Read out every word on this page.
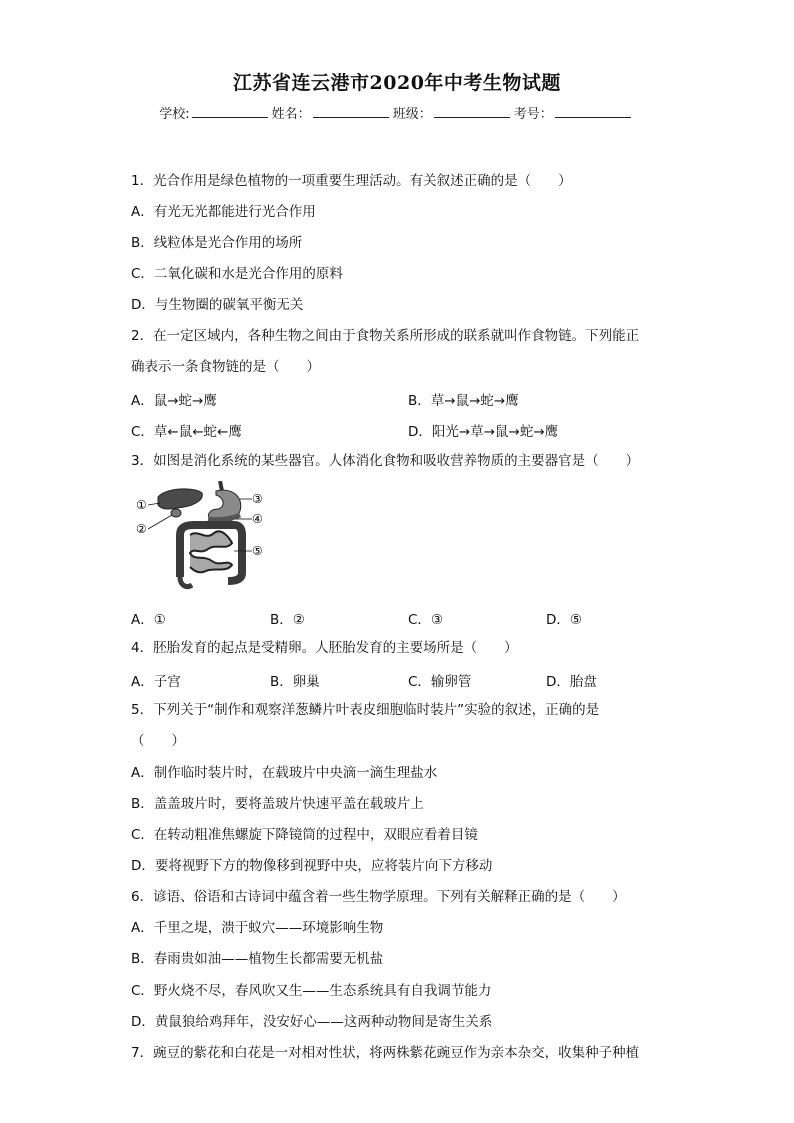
江苏省连云港市2020年中考生物试题
学校:	姓名：	班级：	考号：
1．光合作用是绿色植物的一项重要生理活动。有关叙述正确的是（　　）
A．有光无光都能进行光合作用
B．线粒体是光合作用的场所
C．二氧化碳和水是光合作用的原料
D．与生物圈的碳氧平衡无关
2．在一定区域内，各种生物之间由于食物关系所形成的联系就叫作食物链。下列能正
确表示一条食物链的是（　　）
A．鼠→蛇→鹰	B．草→鼠→蛇→鹰
C．草←鼠←蛇←鹰	D．阳光→草→鼠→蛇→鹰
3．如图是消化系统的某些器官。人体消化食物和吸收营养物质的主要器官是（　　）
①
②
③
④
⑤
A．①	B．②	C．③	D．⑤
4．胚胎发育的起点是受精卵。人胚胎发育的主要场所是（　　）
A．子宫	B．卵巢	C．输卵管	D．胎盘
5．下列关于“制作和观察洋葱鳞片叶表皮细胞临时装片”实验的叙述，正确的是
（　　）
A．制作临时装片时，在载玻片中央滴一滴生理盐水
B．盖盖玻片时，要将盖玻片快速平盖在载玻片上
C．在转动粗准焦螺旋下降镜筒的过程中，双眼应看着目镜
D．要将视野下方的物像移到视野中央，应将装片向下方移动
6．谚语、俗语和古诗词中蕴含着一些生物学原理。下列有关解释正确的是（　　）
A．千里之堤，溃于蚁穴——环境影响生物
B．春雨贵如油——植物生长都需要无机盐
C．野火烧不尽，春风吹又生——生态系统具有自我调节能力
D．黄鼠狼给鸡拜年，没安好心——这两种动物间是寄生关系
7．豌豆的紫花和白花是一对相对性状，将两株紫花豌豆作为亲本杂交，收集种子种植
